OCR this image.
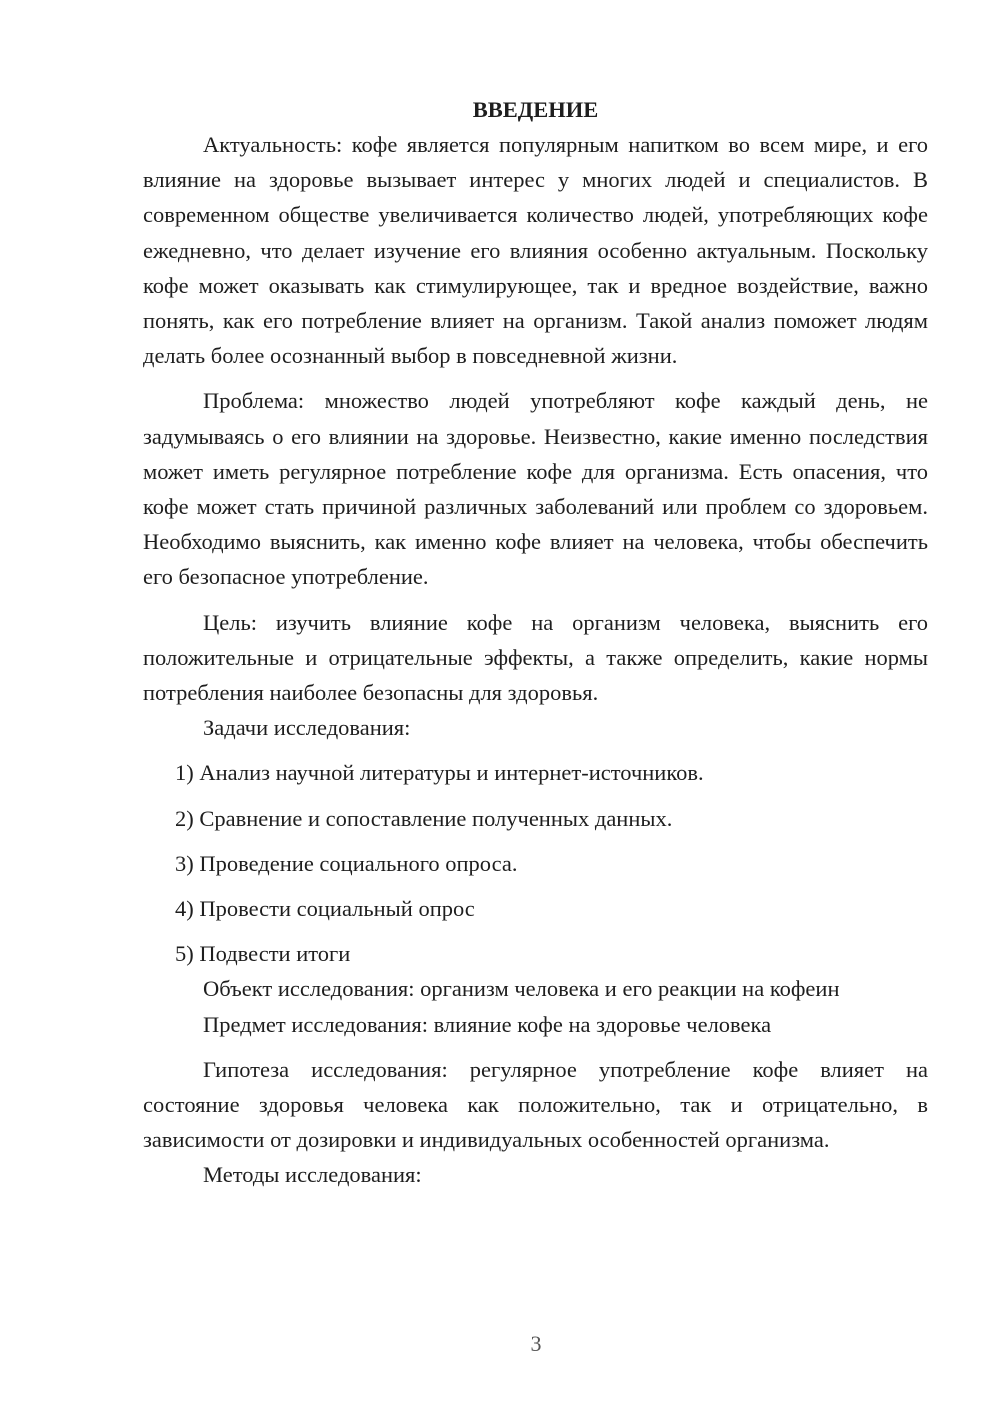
ВВЕДЕНИЕ

Актуальность: кофе является популярным напитком во всем мире, и его влияние на здоровье вызывает интерес у многих людей и специалистов. В современном обществе увеличивается количество людей, употребляющих кофе ежедневно, что делает изучение его влияния особенно актуальным. Поскольку кофе может оказывать как стимулирующее, так и вредное воздействие, важно понять, как его потребление влияет на организм. Такой анализ поможет людям делать более осознанный выбор в повседневной жизни.

Проблема: множество людей употребляют кофе каждый день, не задумываясь о его влиянии на здоровье. Неизвестно, какие именно последствия может иметь регулярное потребление кофе для организма. Есть опасения, что кофе может стать причиной различных заболеваний или проблем со здоровьем. Необходимо выяснить, как именно кофе влияет на человека, чтобы обеспечить его безопасное употребление.

Цель: изучить влияние кофе на организм человека, выяснить его положительные и отрицательные эффекты, а также определить, какие нормы потребления наиболее безопасны для здоровья.

Задачи исследования:

1) Анализ научной литературы и интернет-источников.

2) Сравнение и сопоставление полученных данных.

3) Проведение социального опроса.

4) Провести социальный опрос

5) Подвести итоги

Объект исследования: организм человека и его реакции на кофеин

Предмет исследования: влияние кофе на здоровье человека

Гипотеза исследования: регулярное употребление кофе влияет на состояние здоровья человека как положительно, так и отрицательно, в зависимости от дозировки и индивидуальных особенностей организма.

Методы исследования:

3
